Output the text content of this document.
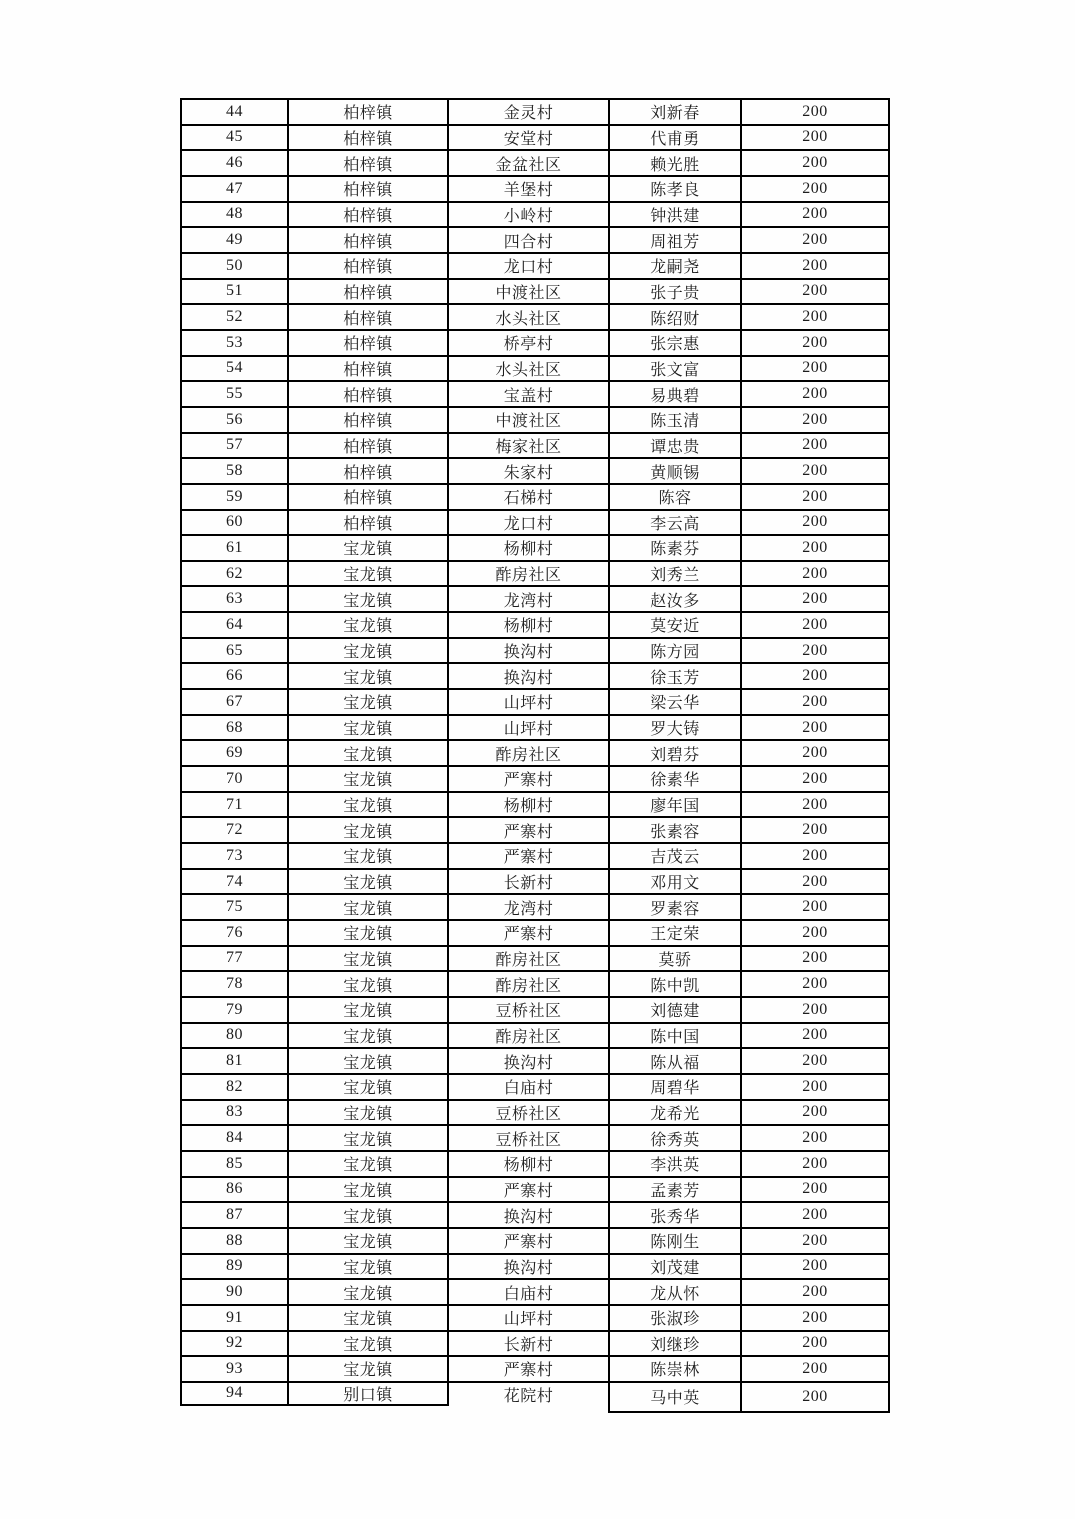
44	柏梓镇	金灵村	刘新春	200
45	柏梓镇	安堂村	代甫勇	200
46	柏梓镇	金盆社区	赖光胜	200
47	柏梓镇	羊堡村	陈孝良	200
48	柏梓镇	小岭村	钟洪建	200
49	柏梓镇	四合村	周祖芳	200
50	柏梓镇	龙口村	龙嗣尧	200
51	柏梓镇	中渡社区	张子贵	200
52	柏梓镇	水头社区	陈绍财	200
53	柏梓镇	桥亭村	张宗惠	200
54	柏梓镇	水头社区	张文富	200
55	柏梓镇	宝盖村	易典碧	200
56	柏梓镇	中渡社区	陈玉清	200
57	柏梓镇	梅家社区	谭忠贵	200
58	柏梓镇	朱家村	黄顺锡	200
59	柏梓镇	石梯村	陈容	200
60	柏梓镇	龙口村	李云高	200
61	宝龙镇	杨柳村	陈素芬	200
62	宝龙镇	酢房社区	刘秀兰	200
63	宝龙镇	龙湾村	赵汝多	200
64	宝龙镇	杨柳村	莫安近	200
65	宝龙镇	换沟村	陈方园	200
66	宝龙镇	换沟村	徐玉芳	200
67	宝龙镇	山坪村	梁云华	200
68	宝龙镇	山坪村	罗大铸	200
69	宝龙镇	酢房社区	刘碧芬	200
70	宝龙镇	严寨村	徐素华	200
71	宝龙镇	杨柳村	廖年国	200
72	宝龙镇	严寨村	张素容	200
73	宝龙镇	严寨村	吉茂云	200
74	宝龙镇	长新村	邓用文	200
75	宝龙镇	龙湾村	罗素容	200
76	宝龙镇	严寨村	王定荣	200
77	宝龙镇	酢房社区	莫骄	200
78	宝龙镇	酢房社区	陈中凯	200
79	宝龙镇	豆桥社区	刘德建	200
80	宝龙镇	酢房社区	陈中国	200
81	宝龙镇	换沟村	陈从福	200
82	宝龙镇	白庙村	周碧华	200
83	宝龙镇	豆桥社区	龙希光	200
84	宝龙镇	豆桥社区	徐秀英	200
85	宝龙镇	杨柳村	李洪英	200
86	宝龙镇	严寨村	孟素芳	200
87	宝龙镇	换沟村	张秀华	200
88	宝龙镇	严寨村	陈刚生	200
89	宝龙镇	换沟村	刘茂建	200
90	宝龙镇	白庙村	龙从怀	200
91	宝龙镇	山坪村	张淑珍	200
92	宝龙镇	长新村	刘继珍	200
93	宝龙镇	严寨村	陈崇林	200
94	别口镇	花院村	马中英	200
